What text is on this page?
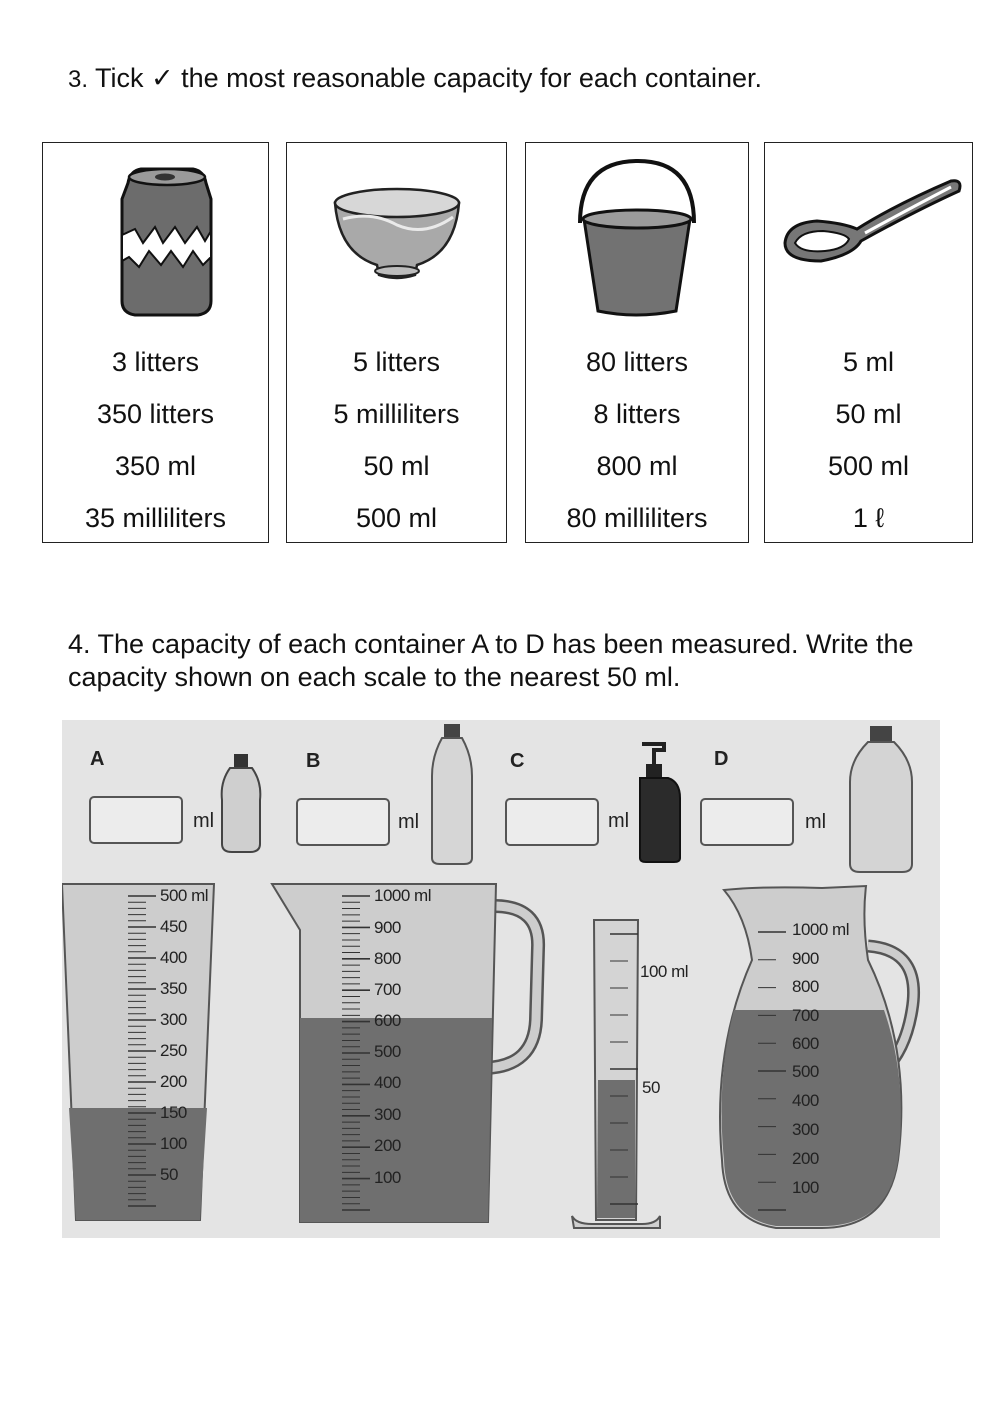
3. Tick ✓ the most reasonable capacity for each container.
3 litters
350 litters
350 ml
35 milliliters
5 litters
5 milliliters
50 ml
500 ml
80 litters
8 litters
800 ml
80 milliliters
5 ml
50 ml
500 ml
1 ℓ
4. The capacity of each container A to D has been measured. Write the capacity shown on each scale to the nearest 50 ml.
A	B	C	D
ml	ml	ml	ml
500 ml
450
400
350
300
250
200
150
100
50
1000 ml
900
800
700
600
500
400
300
200
100
100 ml
50
1000 ml
900
800
700
600
500
400
300
200
100
